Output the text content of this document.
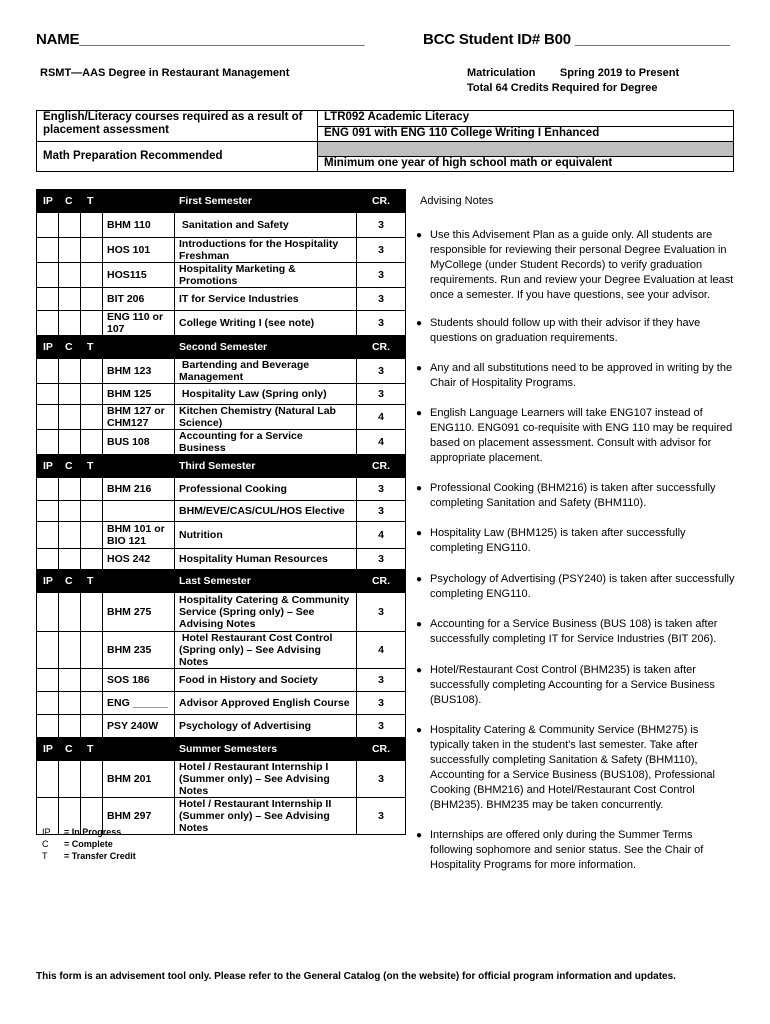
NAME___________________________________	BCC Student ID# B00 ___________________
RSMT—AAS Degree in Restaurant Management	Matriculation        Spring 2019 to Present
Total 64 Credits Required for Degree
English/Literacy courses required as a result of placement assessment	LTR092 Academic Literacy
	ENG 091 with ENG 110 College Writing I Enhanced
Math Preparation Recommended	
	Minimum one year of high school math or equivalent
IP	C	T		First Semester	CR.
			BHM 110	Sanitation and Safety	3
			HOS 101	Introductions for the Hospitality Freshman	3
			HOS115	Hospitality Marketing & Promotions	3
			BIT 206	IT for Service Industries	3
			ENG 110 or 107	College Writing I (see note)	3
IP	C	T		Second Semester	CR.
			BHM 123	Bartending and Beverage Management	3
			BHM 125	Hospitality Law (Spring only)	3
			BHM 127 or CHM127	Kitchen Chemistry (Natural Lab Science)	4
			BUS 108	Accounting for a Service Business	4
IP	C	T		Third Semester	CR.
			BHM 216	Professional Cooking	3
				BHM/EVE/CAS/CUL/HOS Elective	3
			BHM 101 or BIO 121	Nutrition	4
			HOS 242	Hospitality Human Resources	3
IP	C	T		Last Semester	CR.
			BHM 275	Hospitality Catering & Community Service (Spring only) – See Advising Notes	3
			BHM 235	Hotel Restaurant Cost Control (Spring only) – See Advising Notes	4
			SOS 186	Food in History and Society	3
			ENG ______	Advisor Approved English Course	3
			PSY 240W	Psychology of Advertising	3
IP	C	T		Summer Semesters	CR.
			BHM 201	Hotel / Restaurant Internship I (Summer only) – See Advising Notes	3
			BHM 297	Hotel / Restaurant Internship II (Summer only) – See Advising Notes	3
IP = In Progress
C = Complete
T = Transfer Credit
Advising Notes
● Use this Advisement Plan as a guide only. All students are responsible for reviewing their personal Degree Evaluation in MyCollege (under Student Records) to verify graduation requirements. Run and review your Degree Evaluation at least once a semester. If you have questions, see your advisor.
● Students should follow up with their advisor if they have questions on graduation requirements.
● Any and all substitutions need to be approved in writing by the Chair of Hospitality Programs.
● English Language Learners will take ENG107 instead of ENG110. ENG091 co-requisite with ENG 110 may be required based on placement assessment. Consult with advisor for appropriate placement.
● Professional Cooking (BHM216) is taken after successfully completing Sanitation and Safety (BHM110).
● Hospitality Law (BHM125) is taken after successfully completing ENG110.
● Psychology of Advertising (PSY240) is taken after successfully completing ENG110.
● Accounting for a Service Business (BUS 108) is taken after successfully completing IT for Service Industries (BIT 206).
● Hotel/Restaurant Cost Control (BHM235) is taken after successfully completing Accounting for a Service Business (BUS108).
● Hospitality Catering & Community Service (BHM275) is typically taken in the student's last semester. Take after successfully completing Sanitation & Safety (BHM110), Accounting for a Service Business (BUS108), Professional Cooking (BHM216) and Hotel/Restaurant Cost Control (BHM235). BHM235 may be taken concurrently.
● Internships are offered only during the Summer Terms following sophomore and senior status. See the Chair of Hospitality Programs for more information.
This form is an advisement tool only. Please refer to the General Catalog (on the website) for official program information and updates.
